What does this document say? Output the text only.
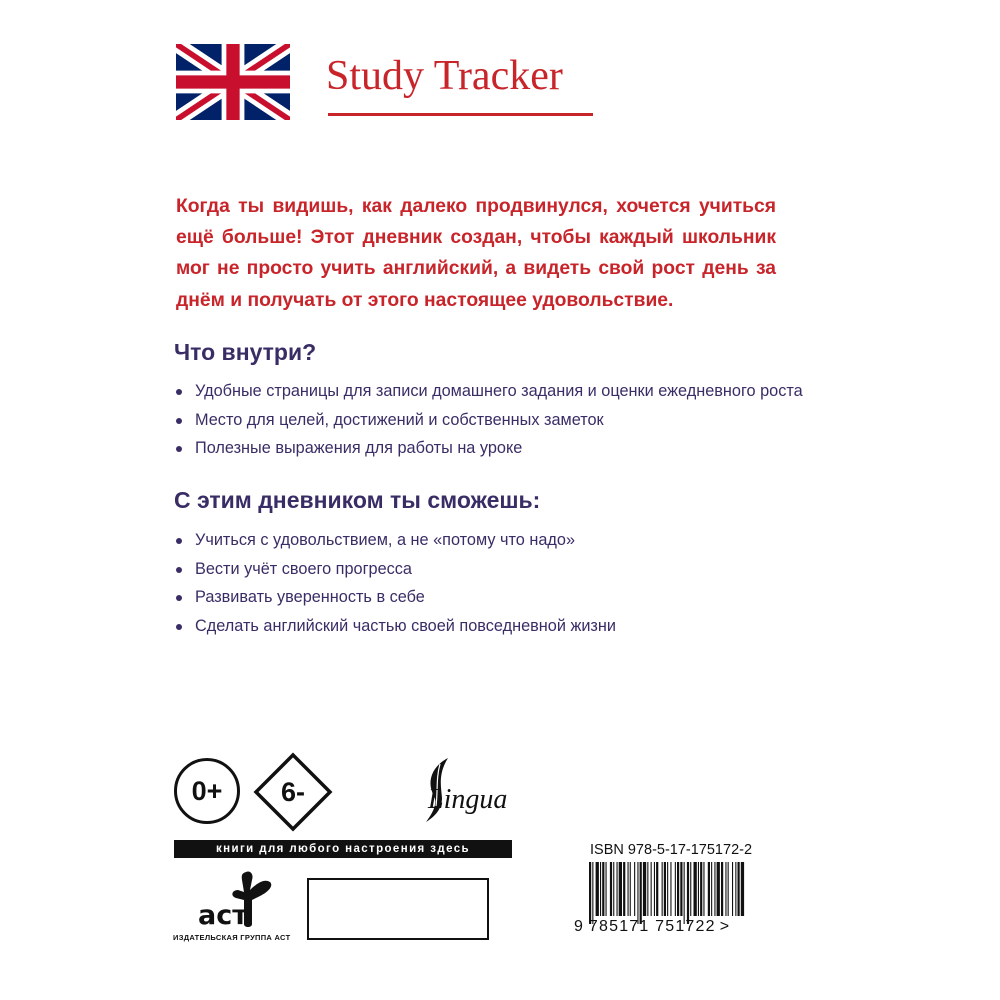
Study Tracker

Когда ты видишь, как далеко продвинулся, хочется учиться ещё больше! Этот дневник создан, чтобы каждый школьник мог не просто учить английский, а видеть свой рост день за днём и получать от этого настоящее удовольствие.

Что внутри?
Удобные страницы для записи домашнего задания и оценки ежедневного роста
Место для целей, достижений и собственных заметок
Полезные выражения для работы на уроке
С этим дневником ты сможешь:
Учиться с удовольствием, а не «потому что надо»
Вести учёт своего прогресса
Развивать уверенность в себе
Сделать английский частью своей повседневной жизни
0+	6-	Lingua
книги для любого настроения здесь
аст
ИЗДАТЕЛЬСКАЯ ГРУППА АСТ
ISBN 978-5-17-175172-2
9 785171 751722 >
